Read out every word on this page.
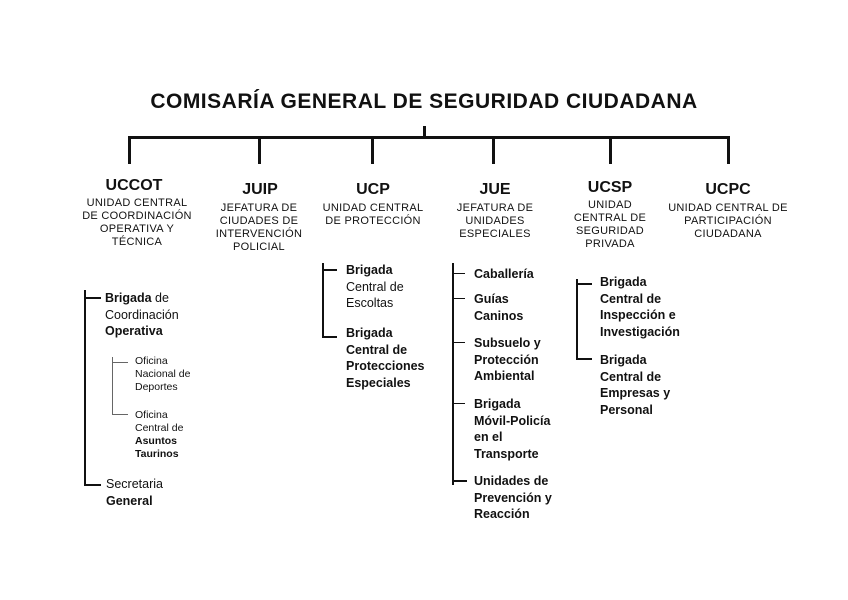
COMISARÍA GENERAL DE SEGURIDAD CIUDADANA
UCCOT
UNIDAD CENTRAL DE COORDINACIÓN OPERATIVA Y TÉCNICA
JUIP
JEFATURA DE CIUDADES DE INTERVENCIÓN POLICIAL
UCP
UNIDAD CENTRAL DE PROTECCIÓN
JUE
JEFATURA DE UNIDADES ESPECIALES
UCSP
UNIDAD CENTRAL DE SEGURIDAD PRIVADA
UCPC
UNIDAD CENTRAL DE PARTICIPACIÓN CIUDADANA
Brigada de
Coordinación
Operativa
Oficina
Nacional de
Deportes
Oficina
Central de
Asuntos
Taurinos
Secretaria
General
Brigada
Central de
Escoltas
Brigada
Central de
Protecciones
Especiales
Caballería
Guías
Caninos
Subsuelo y
Protección
Ambiental
Brigada
Móvil-Policía
en el
Transporte
Unidades de
Prevención y
Reacción
Brigada
Central de
Inspección e
Investigación
Brigada
Central de
Empresas y
Personal
